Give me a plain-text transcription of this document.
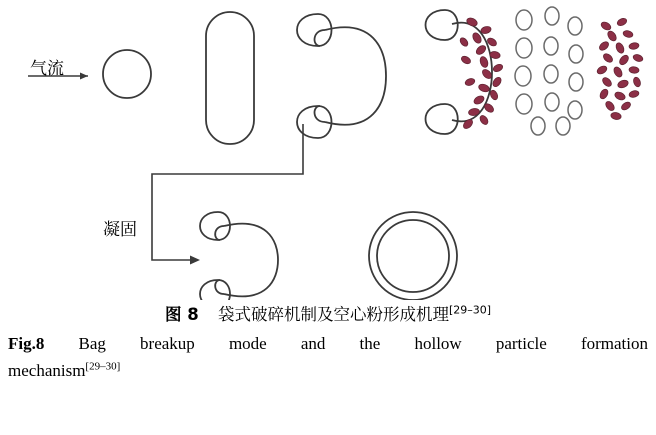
气流
凝固
图 8 袋式破碎机制及空心粉形成机理[29–30]
Fig.8 Bag breakup mode and the hollow particle formation
mechanism[29–30]
